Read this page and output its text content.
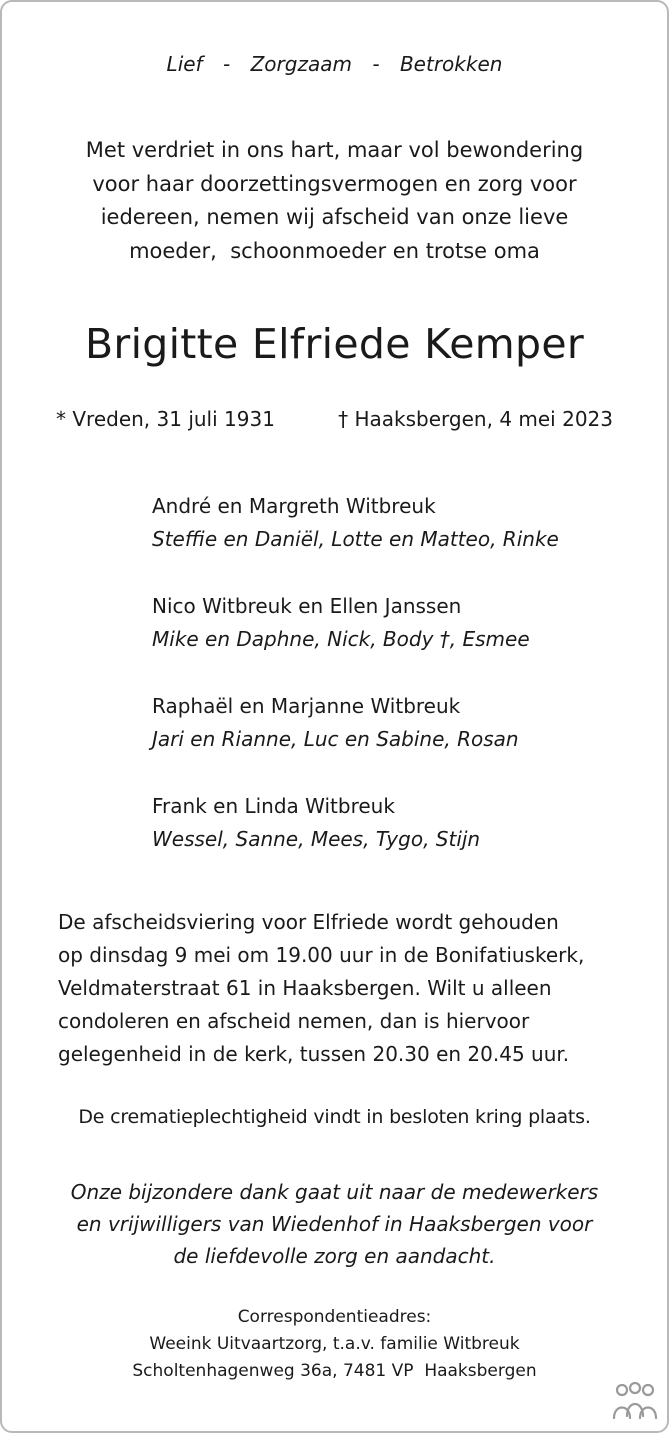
Lief - Zorgzaam - Betrokken
Met verdriet in ons hart, maar vol bewondering
voor haar doorzettingsvermogen en zorg voor
iedereen, nemen wij afscheid van onze lieve
moeder,  schoonmoeder en trotse oma
Brigitte Elfriede Kemper
* Vreden, 31 juli 1931	† Haaksbergen, 4 mei 2023
André en Margreth Witbreuk
Steffie en Daniël, Lotte en Matteo, Rinke
Nico Witbreuk en Ellen Janssen
Mike en Daphne, Nick, Body †, Esmee
Raphaël en Marjanne Witbreuk
Jari en Rianne, Luc en Sabine, Rosan
Frank en Linda Witbreuk
Wessel, Sanne, Mees, Tygo, Stijn
De afscheidsviering voor Elfriede wordt gehouden
op dinsdag 9 mei om 19.00 uur in de Bonifatiuskerk,
Veldmaterstraat 61 in Haaksbergen. Wilt u alleen
condoleren en afscheid nemen, dan is hiervoor
gelegenheid in de kerk, tussen 20.30 en 20.45 uur.
De crematieplechtigheid vindt in besloten kring plaats.
Onze bijzondere dank gaat uit naar de medewerkers
en vrijwilligers van Wiedenhof in Haaksbergen voor
de liefdevolle zorg en aandacht.
Correspondentieadres:
Weeink Uitvaartzorg, t.a.v. familie Witbreuk
Scholtenhagenweg 36a, 7481 VP  Haaksbergen
